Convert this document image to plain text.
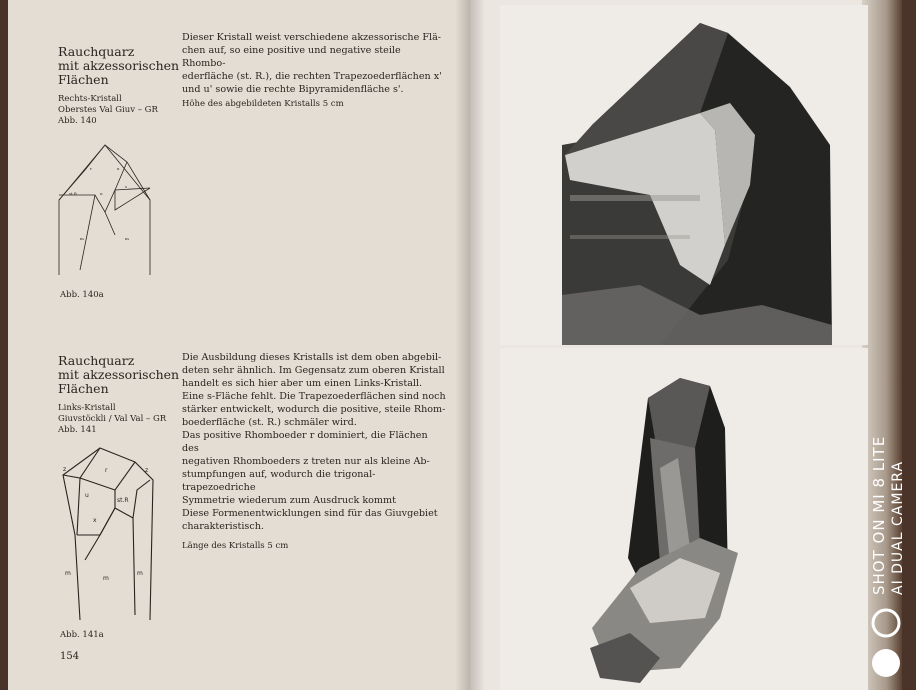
Rauchquarz
mit akzessorischen
Flächen
Rechts-Kristall
Oberstes Val Giuv – GR
Abb. 140
Dieser Kristall weist verschiedene akzessorische Flä-
chen auf, so eine positive und negative steile Rhombo-
ederfläche (st. R.), die rechten Trapezoederflächen x'
und u' sowie die rechte Bipyramidenfläche s'.
Höhe des abgebildeten Kristalls 5 cm
r	x
st.R	u
s
m	m
Abb. 140a
Rauchquarz
mit akzessorischen
Flächen
Links-Kristall
Giuvstöckli / Val Val – GR
Abb. 141
Die Ausbildung dieses Kristalls ist dem oben abgebil-
deten sehr ähnlich. Im Gegensatz zum oberen Kristall
handelt es sich hier aber um einen Links-Kristall.
Eine s-Fläche fehlt. Die Trapezoederflächen sind noch
stärker entwickelt, wodurch die positive, steile Rhom-
boederfläche (st. R.) schmäler wird.
Das positive Rhomboeder r dominiert, die Flächen des
negativen Rhomboeders z treten nur als kleine Ab-
stumpfungen auf, wodurch die trigonal-trapezoedriche
Symmetrie wiederum zum Ausdruck kommt
Diese Formenentwicklungen sind für das Giuvgebiet
charakteristisch.
Länge des Kristalls 5 cm
z	r	z
u
st.R
x
m
m
m
Abb. 141a
154
SHOT ON MI 8 LITE AI DUAL CAMERA
